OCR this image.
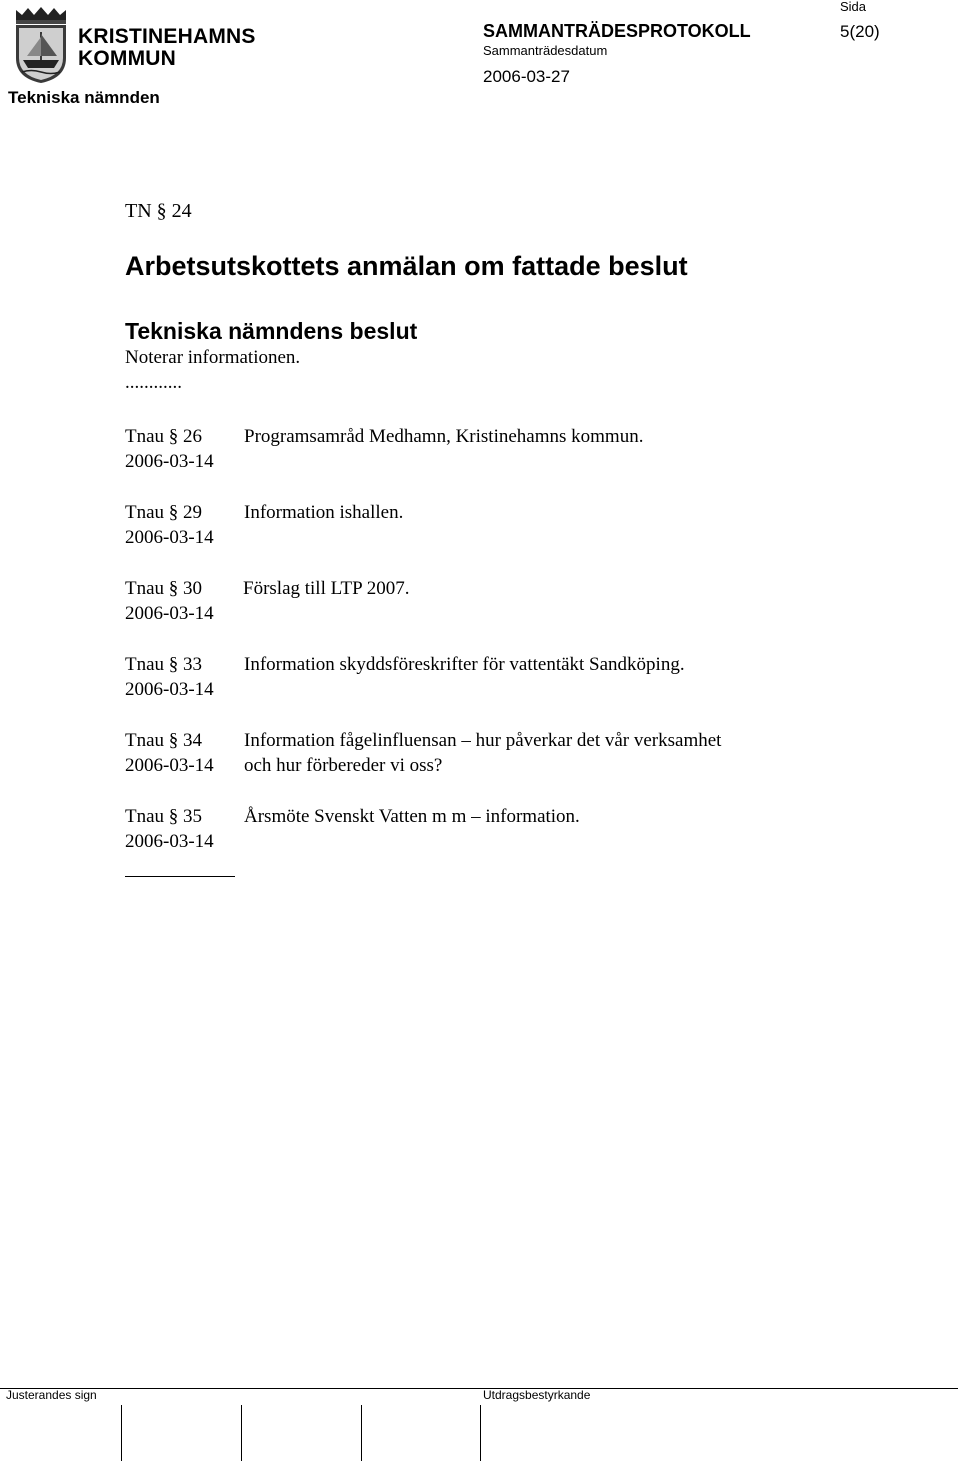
KRISTINEHAMNS
KOMMUN
Tekniska nämnden
SAMMANTRÄDESPROTOKOLL
Sammanträdesdatum
2006-03-27
Sida
5(20)
TN § 24
Arbetsutskottets anmälan om fattade beslut
Tekniska nämndens beslut
Noterar informationen.
............
Tnau § 26
2006-03-14
Programsamråd Medhamn, Kristinehamns kommun.
Tnau § 29
2006-03-14
Information ishallen.
Tnau § 30
2006-03-14
Förslag till LTP 2007.
Tnau § 33
2006-03-14
Information skyddsföreskrifter för vattentäkt Sandköping.
Tnau § 34
2006-03-14
Information fågelinfluensan – hur påverkar det vår verksamhet
och hur förbereder vi oss?
Tnau § 35
2006-03-14
Årsmöte Svenskt Vatten m m – information.
Justerandes sign	Utdragsbestyrkande
